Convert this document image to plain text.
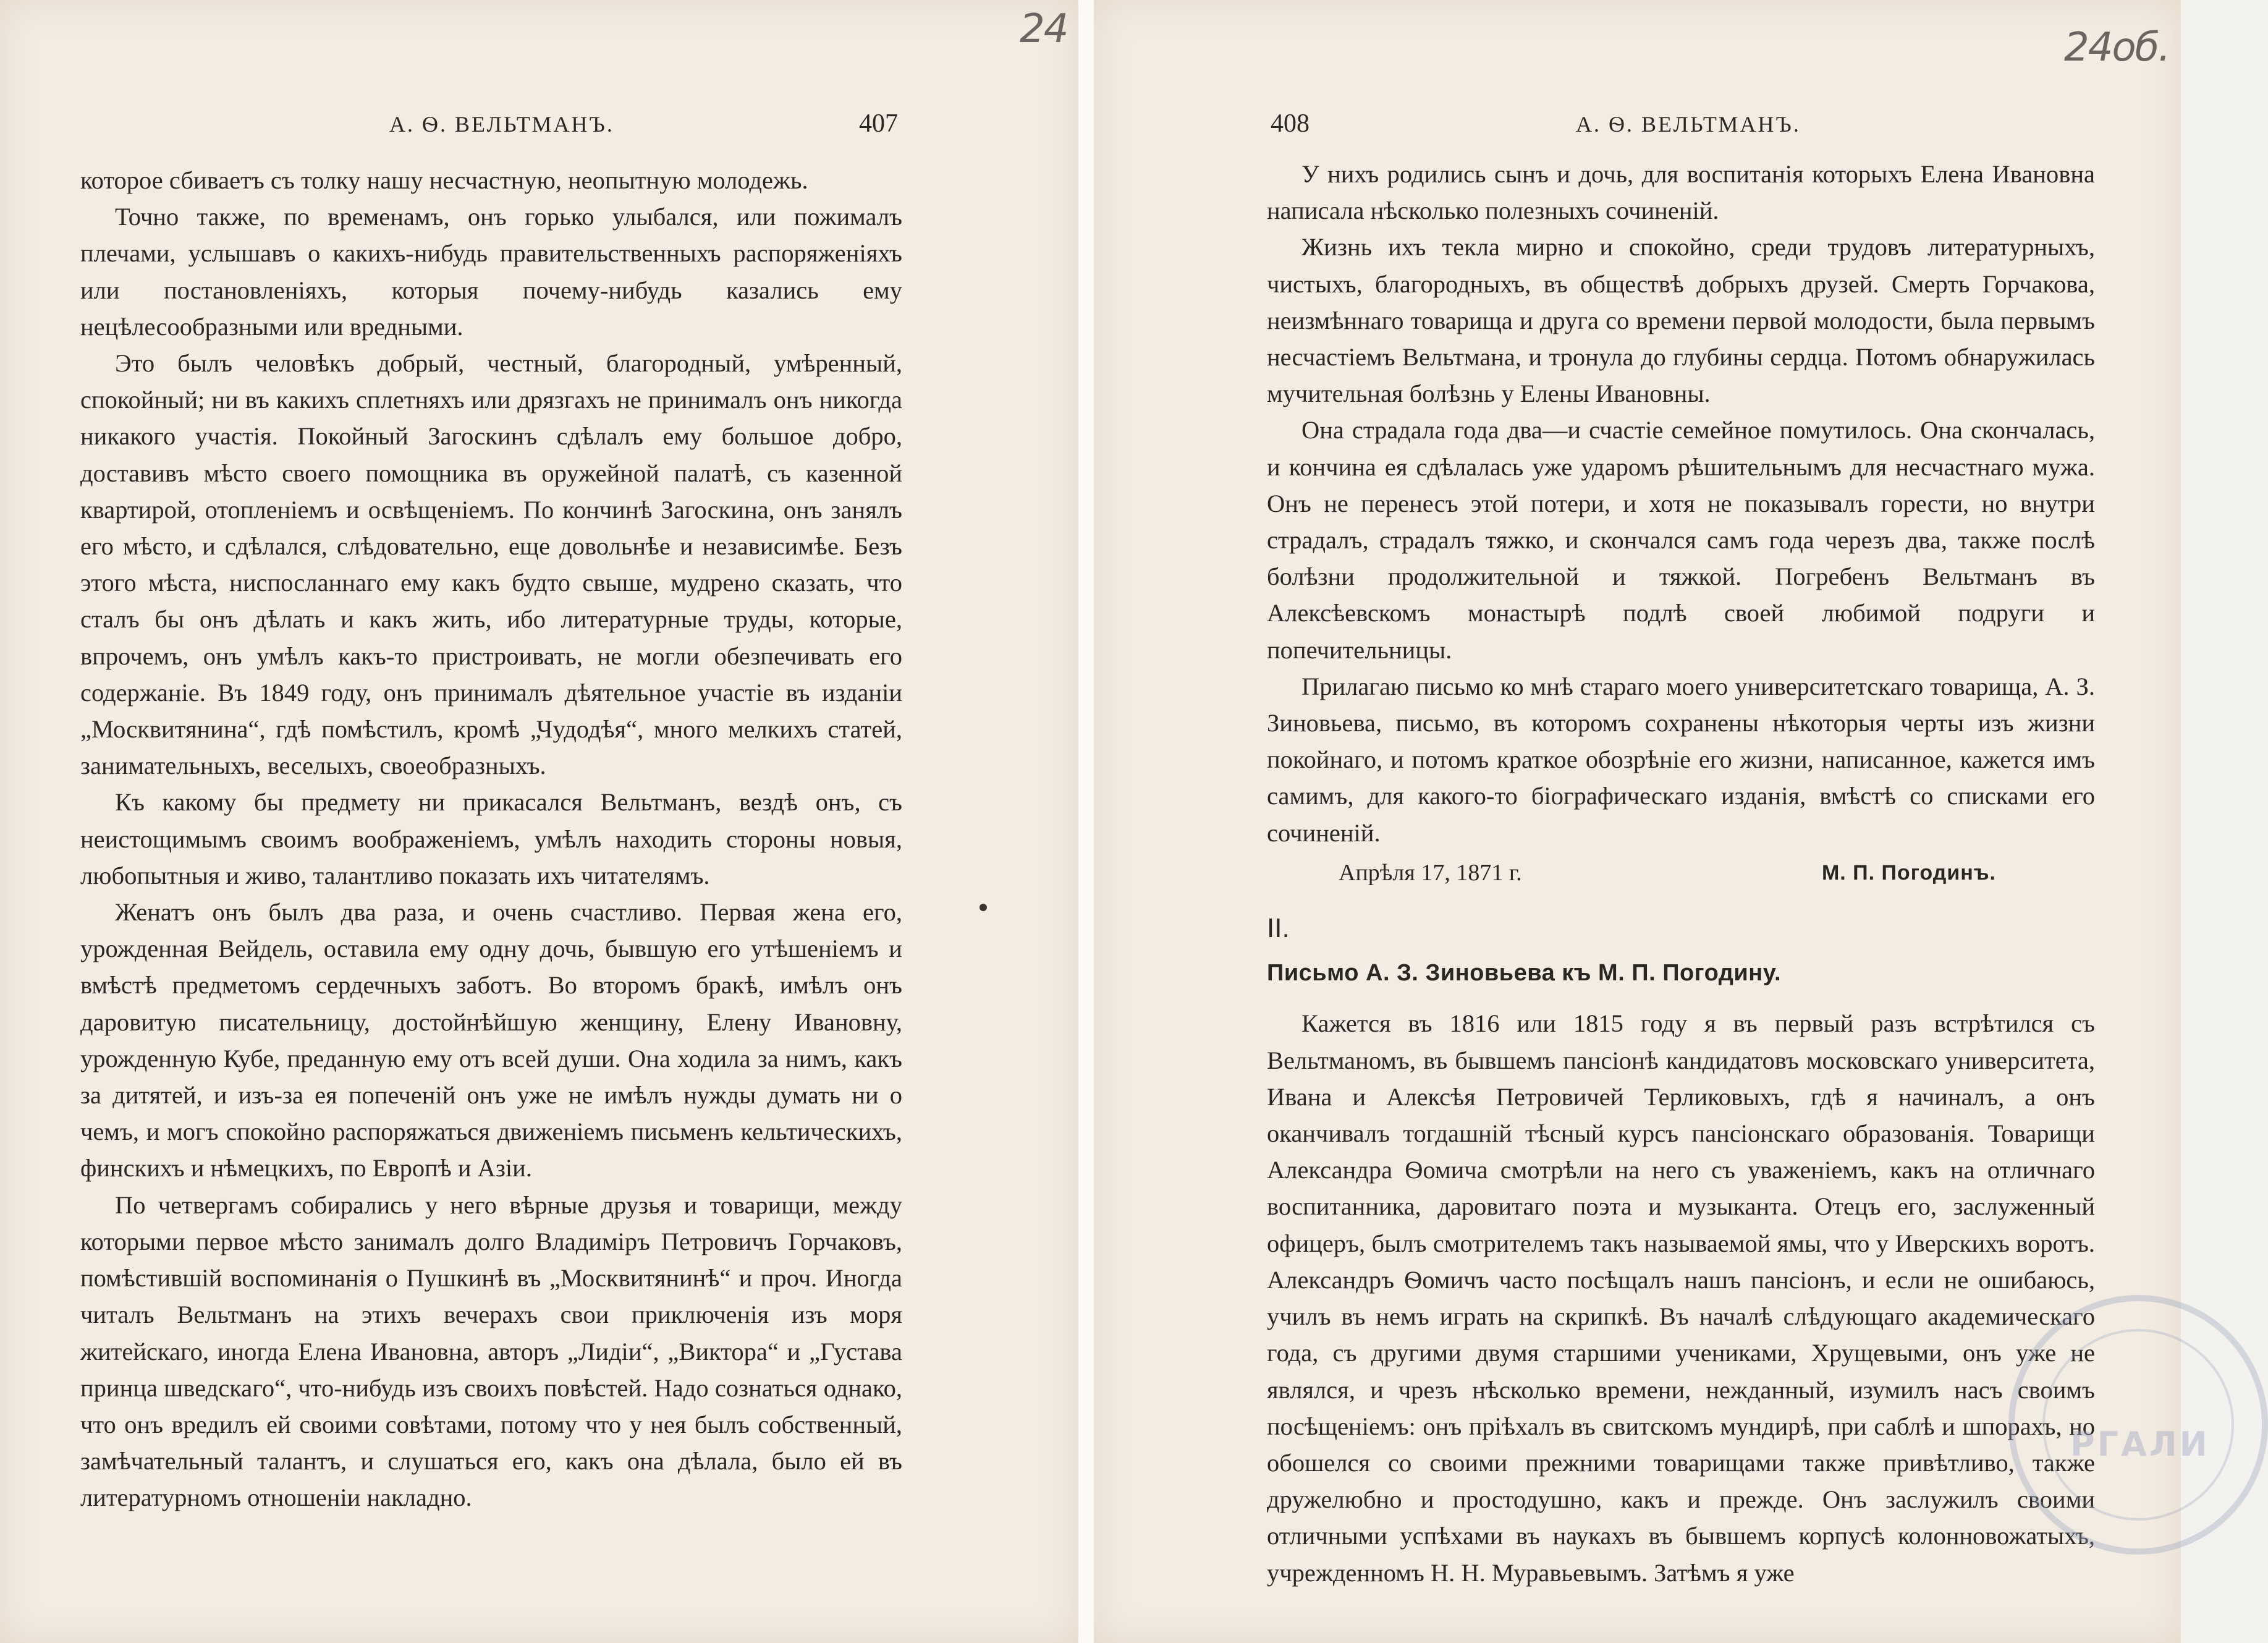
24
А. Ѳ. ВЕЛЬТМАНЪ.	407

которое сбиваетъ съ толку нашу несчастную, неопытную молодежь.

Точно также, по временамъ, онъ горько улыбался, или пожималъ плечами, услышавъ о какихъ-нибудь правительственныхъ распоряженіяхъ или постановленіяхъ, которыя почему-нибудь казались ему нецѣлесообразными или вредными.

Это былъ человѣкъ добрый, честный, благородный, умѣренный, спокойный; ни въ какихъ сплетняхъ или дрязгахъ не принималъ онъ никогда никакого участія. Покойный Загоскинъ сдѣлалъ ему большое добро, доставивъ мѣсто своего помощника въ оружейной палатѣ, съ казенной квартирой, отопленіемъ и освѣщеніемъ. По кончинѣ Загоскина, онъ занялъ его мѣсто, и сдѣлался, слѣдовательно, еще довольнѣе и независимѣе. Безъ этого мѣста, ниспосланнаго ему какъ будто свыше, мудрено сказать, что сталъ бы онъ дѣлать и какъ жить, ибо литературные труды, которые, впрочемъ, онъ умѣлъ какъ-то пристроивать, не могли обезпечивать его содержаніе. Въ 1849 году, онъ принималъ дѣятельное участіе въ изданіи „Москвитянина“, гдѣ помѣстилъ, кромѣ „Чудодѣя“, много мелкихъ статей, занимательныхъ, веселыхъ, своеобразныхъ.

Къ какому бы предмету ни прикасался Вельтманъ, вездѣ онъ, съ неистощимымъ своимъ воображеніемъ, умѣлъ находить стороны новыя, любопытныя и живо, талантливо показать ихъ читателямъ.

Женатъ онъ былъ два раза, и очень счастливо. Первая жена его, урожденная Вейдель, оставила ему одну дочь, бывшую его утѣшеніемъ и вмѣстѣ предметомъ сердечныхъ заботъ. Во второмъ бракѣ, имѣлъ онъ даровитую писательницу, достойнѣйшую женщину, Елену Ивановну, урожденную Кубе, преданную ему отъ всей души. Она ходила за нимъ, какъ за дитятей, и изъ-за ея попеченій онъ уже не имѣлъ нужды думать ни о чемъ, и могъ спокойно распоряжаться движеніемъ письменъ кельтическихъ, финскихъ и нѣмецкихъ, по Европѣ и Азіи.

По четвергамъ собирались у него вѣрные друзья и товарищи, между которыми первое мѣсто занималъ долго Владиміръ Петровичъ Горчаковъ, помѣстившій воспоминанія о Пушкинѣ въ „Москвитянинѣ“ и проч. Иногда читалъ Вельтманъ на этихъ вечерахъ свои приключенія изъ моря житейскаго, иногда Елена Ивановна, авторъ „Лидіи“, „Виктора“ и „Густава принца шведскаго“, что-нибудь изъ своихъ повѣстей. Надо сознаться однако, что онъ вредилъ ей своими совѣтами, потому что у нея былъ собственный, замѣчательный талантъ, и слушаться его, какъ она дѣлала, было ей въ литературномъ отношеніи накладно.

24об.
408	А. Ѳ. ВЕЛЬТМАНЪ.

У нихъ родились сынъ и дочь, для воспитанія которыхъ Елена Ивановна написала нѣсколько полезныхъ сочиненій.

Жизнь ихъ текла мирно и спокойно, среди трудовъ литературныхъ, чистыхъ, благородныхъ, въ обществѣ добрыхъ друзей. Смерть Горчакова, неизмѣннаго товарища и друга со времени первой молодости, была первымъ несчастіемъ Вельтмана, и тронула до глубины сердца. Потомъ обнаружилась мучительная болѣзнь у Елены Ивановны.

Она страдала года два—и счастіе семейное помутилось. Она скончалась, и кончина ея сдѣлалась уже ударомъ рѣшительнымъ для несчастнаго мужа. Онъ не перенесъ этой потери, и хотя не показывалъ горести, но внутри страдалъ, страдалъ тяжко, и скончался самъ года черезъ два, также послѣ болѣзни продолжительной и тяжкой. Погребенъ Вельтманъ въ Алексѣевскомъ монастырѣ подлѣ своей любимой подруги и попечительницы.

Прилагаю письмо ко мнѣ стараго моего университетскаго товарища, А. З. Зиновьева, письмо, въ которомъ сохранены нѣкоторыя черты изъ жизни покойнаго, и потомъ краткое обозрѣніе его жизни, написанное, кажется имъ самимъ, для какого-то біографическаго изданія, вмѣстѣ со списками его сочиненій.

Апрѣля 17, 1871 г.	М. П. Погодинъ.
II.
Письмо А. З. Зиновьева къ М. П. Погодину.

Кажется въ 1816 или 1815 году я въ первый разъ встрѣтился съ Вельтманомъ, въ бывшемъ пансіонѣ кандидатовъ московскаго университета, Ивана и Алексѣя Петровичей Терликовыхъ, гдѣ я начиналъ, а онъ оканчивалъ тогдашній тѣсный курсъ пансіонскаго образованія. Товарищи Александра Ѳомича смотрѣли на него съ уваженіемъ, какъ на отличнаго воспитанника, даровитаго поэта и музыканта. Отецъ его, заслуженный офицеръ, былъ смотрителемъ такъ называемой ямы, что у Иверскихъ воротъ. Александръ Ѳомичъ часто посѣщалъ нашъ пансіонъ, и если не ошибаюсь, училъ въ немъ играть на скрипкѣ. Въ началѣ слѣдующаго академическаго года, съ другими двумя старшими учениками, Хрущевыми, онъ уже не являлся, и чрезъ нѣсколько времени, нежданный, изумилъ насъ своимъ посѣщеніемъ: онъ пріѣхалъ въ свитскомъ мундирѣ, при саблѣ и шпорахъ, но обошелся со своими прежними товарищами также привѣтливо, также дружелюбно и простодушно, какъ и прежде. Онъ заслужилъ своими отличными успѣхами въ наукахъ въ бывшемъ корпусѣ колонновожатыхъ, учрежденномъ Н. Н. Муравьевымъ. Затѣмъ я уже

РГАЛИ
